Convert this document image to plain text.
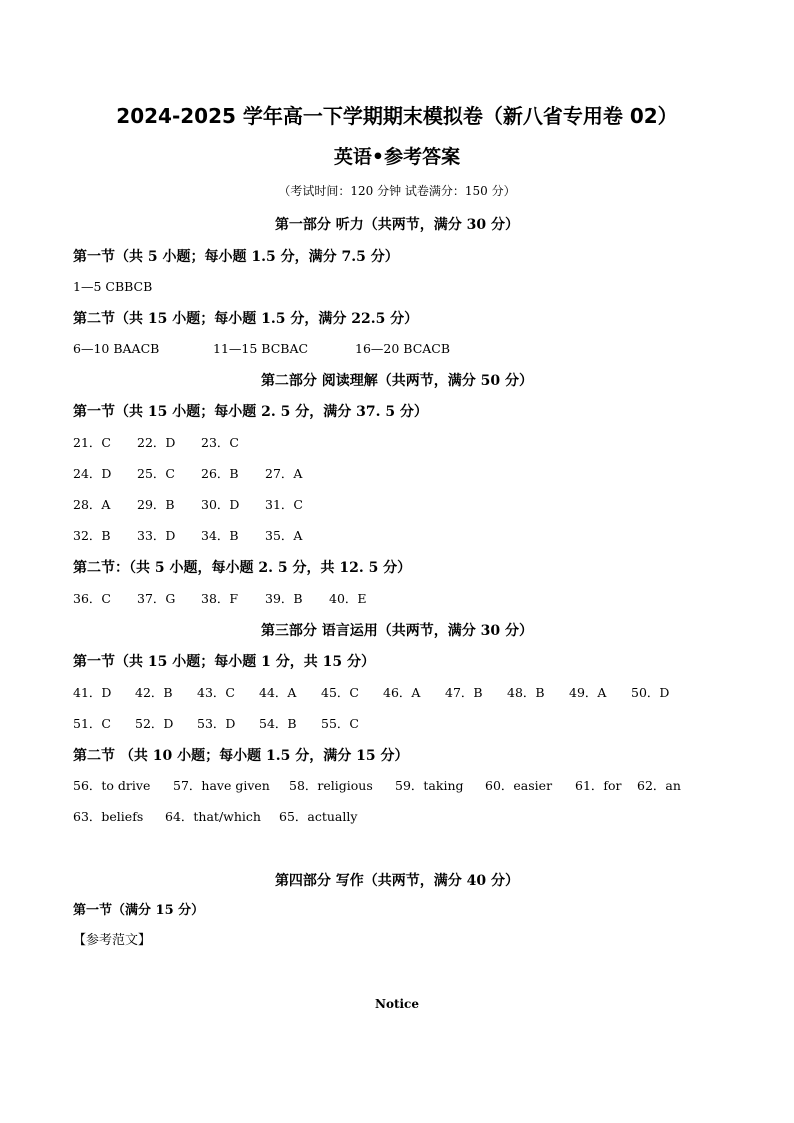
2024-2025 学年高一下学期期末模拟卷（新八省专用卷 02）
英语•参考答案
（考试时间：120 分钟 试卷满分：150 分）
第一部分 听力（共两节，满分 30 分）
第一节（共 5 小题；每小题 1.5 分，满分 7.5 分）
1—5 CBBCB
第二节（共 15 小题；每小题 1.5 分，满分 22.5 分）
6—10 BAACB	11—15 BCBAC	16—20 BCACB
第二部分 阅读理解（共两节，满分 50 分）
第一节（共 15 小题；每小题 2. 5 分，满分 37. 5 分）
21．C 22．D 23．C
24．D 25．C 26．B 27．A
28．A 29．B 30．D 31．C
32．B 33．D 34．B 35．A
第二节：（共 5 小题，每小题 2. 5 分，共 12. 5 分）
36．C 37．G 38．F 39．B 40．E
第三部分 语言运用（共两节，满分 30 分）
第一节（共 15 小题；每小题 1 分，共 15 分）
41．D 42．B 43．C 44．A 45．C 46．A 47．B 48．B 49．A 50．D
51．C 52．D 53．D 54．B 55．C
第二节 （共 10 小题；每小题 1.5 分，满分 15 分）
56．to drive 57．have given 58．religious 59．taking 60．easier 61．for 62．an
63．beliefs 64．that/which 65．actually
第四部分 写作（共两节，满分 40 分）
第一节（满分 15 分）
【参考范文】
Notice
